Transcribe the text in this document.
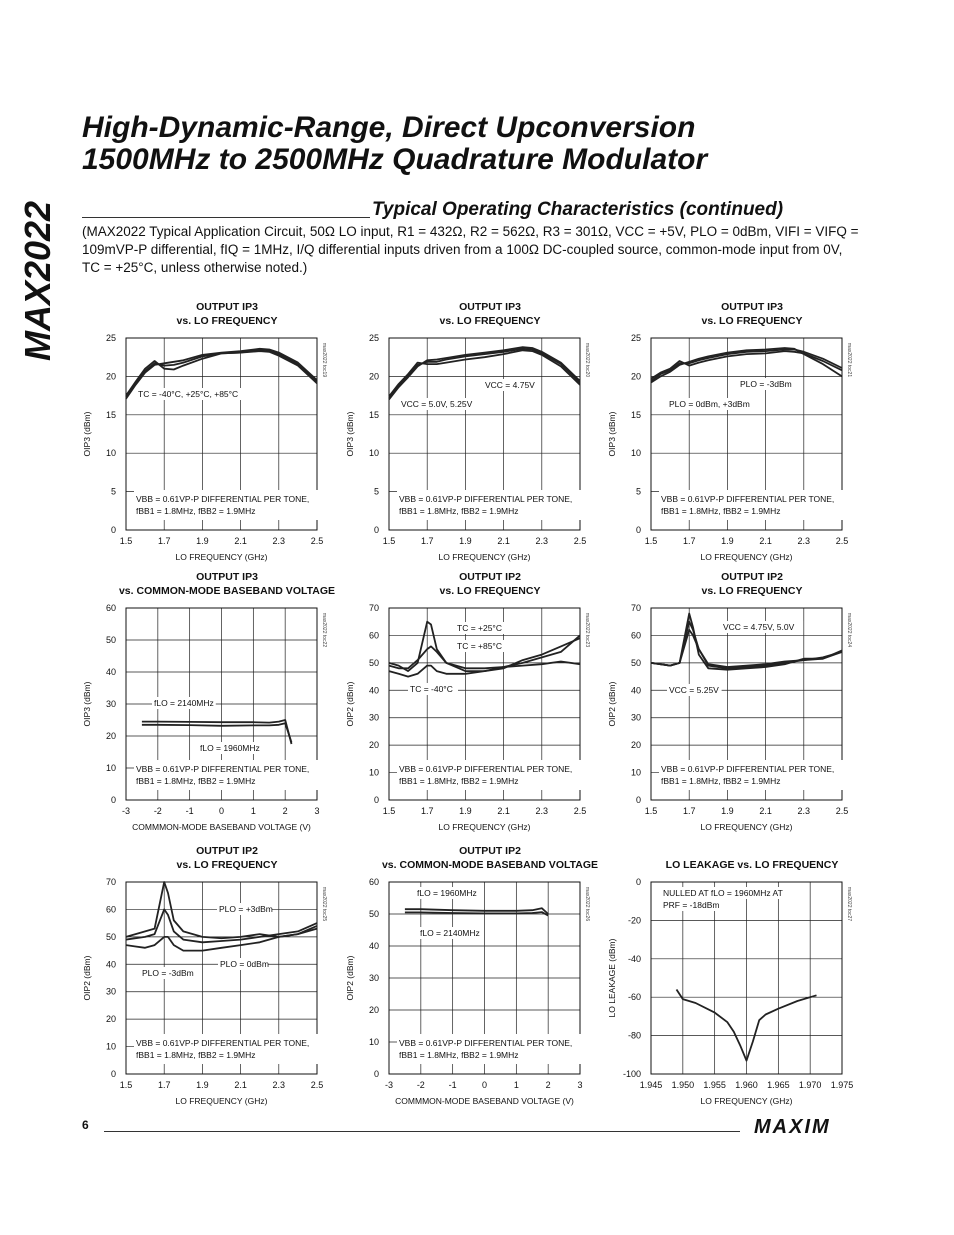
MAX2022
High-Dynamic-Range, Direct Upconversion
1500MHz to 2500MHz Quadrature Modulator
Typical Operating Characteristics (continued)
(MAX2022 Typical Application Circuit, 50Ω LO input, R1 = 432Ω, R2 = 562Ω, R3 = 301Ω, VCC = +5V, PLO = 0dBm, VIFI = VIFQ = 109mVP-P differential, fIQ = 1MHz, I/Q differential inputs driven from a 100Ω DC-coupled source, common-mode input from 0V, TC = +25°C, unless otherwise noted.)
OUTPUT IP3
vs. LO FREQUENCY
1.5	1.7	1.9	2.1	2.3	2.5
0
5
10
15
20
25
LO FREQUENCY (GHz)
OIP3 (dBm)
max2022 toc19
TC = -40°C, +25°C, +85°C
VBB = 0.61VP-P DIFFERENTIAL PER TONE,
fBB1 = 1.8MHz, fBB2 = 1.9MHz
OUTPUT IP3
vs. LO FREQUENCY
1.5	1.7	1.9	2.1	2.3	2.5
0
5
10
15
20
25
LO FREQUENCY (GHz)
OIP3 (dBm)
max2022 toc20
VCC = 4.75V
VCC = 5.0V, 5.25V
VBB = 0.61VP-P DIFFERENTIAL PER TONE,
fBB1 = 1.8MHz, fBB2 = 1.9MHz
OUTPUT IP3
vs. LO FREQUENCY
1.5	1.7	1.9	2.1	2.3	2.5
0
5
10
15
20
25
LO FREQUENCY (GHz)
OIP3 (dBm)
max2022 toc21
PLO = -3dBm
PLO = 0dBm, +3dBm
VBB = 0.61VP-P DIFFERENTIAL PER TONE,
fBB1 = 1.8MHz, fBB2 = 1.9MHz
OUTPUT IP3
vs. COMMON-MODE BASEBAND VOLTAGE
-3	-2	-1	0	1	2	3
0
10
20
30
40
50
60
COMMMON-MODE BASEBAND VOLTAGE (V)
OIP3 (dBm)
max2022 toc22
fLO = 2140MHz
fLO = 1960MHz
VBB = 0.61VP-P DIFFERENTIAL PER TONE,
fBB1 = 1.8MHz, fBB2 = 1.9MHz
OUTPUT IP2
vs. LO FREQUENCY
1.5	1.7	1.9	2.1	2.3	2.5
0
10
20
30
40
50
60
70
LO FREQUENCY (GHz)
OIP2 (dBm)
max2022 toc23
TC = +25°C
TC = +85°C
TC = -40°C
VBB = 0.61VP-P DIFFERENTIAL PER TONE,
fBB1 = 1.8MHz, fBB2 = 1.9MHz
OUTPUT IP2
vs. LO FREQUENCY
1.5	1.7	1.9	2.1	2.3	2.5
0
10
20
30
40
50
60
70
LO FREQUENCY (GHz)
OIP2 (dBm)
max2022 toc24
VCC = 4.75V, 5.0V
VCC = 5.25V
VBB = 0.61VP-P DIFFERENTIAL PER TONE,
fBB1 = 1.8MHz, fBB2 = 1.9MHz
OUTPUT IP2
vs. LO FREQUENCY
1.5	1.7	1.9	2.1	2.3	2.5
0
10
20
30
40
50
60
70
LO FREQUENCY (GHz)
OIP2 (dBm)
max2022 toc25
PLO = +3dBm
PLO = 0dBm
PLO = -3dBm
VBB = 0.61VP-P DIFFERENTIAL PER TONE,
fBB1 = 1.8MHz, fBB2 = 1.9MHz
OUTPUT IP2
vs. COMMON-MODE BASEBAND VOLTAGE
-3	-2	-1	0	1	2	3
0
10
20
30
40
50
60
COMMMON-MODE BASEBAND VOLTAGE (V)
OIP2 (dBm)
max2022 toc26
fLO = 1960MHz
fLO = 2140MHz
VBB = 0.61VP-P DIFFERENTIAL PER TONE,
fBB1 = 1.8MHz, fBB2 = 1.9MHz
LO LEAKAGE vs. LO FREQUENCY
1.945 1.950 1.955 1.960 1.965 1.970 1.975
-100
-80
-60
-40
-20
0
LO FREQUENCY (GHz)
LO LEAKAGE (dBm)
max2022 toc27
NULLED AT fLO = 1960MHz AT
PRF = -18dBm
6	MAXIM
